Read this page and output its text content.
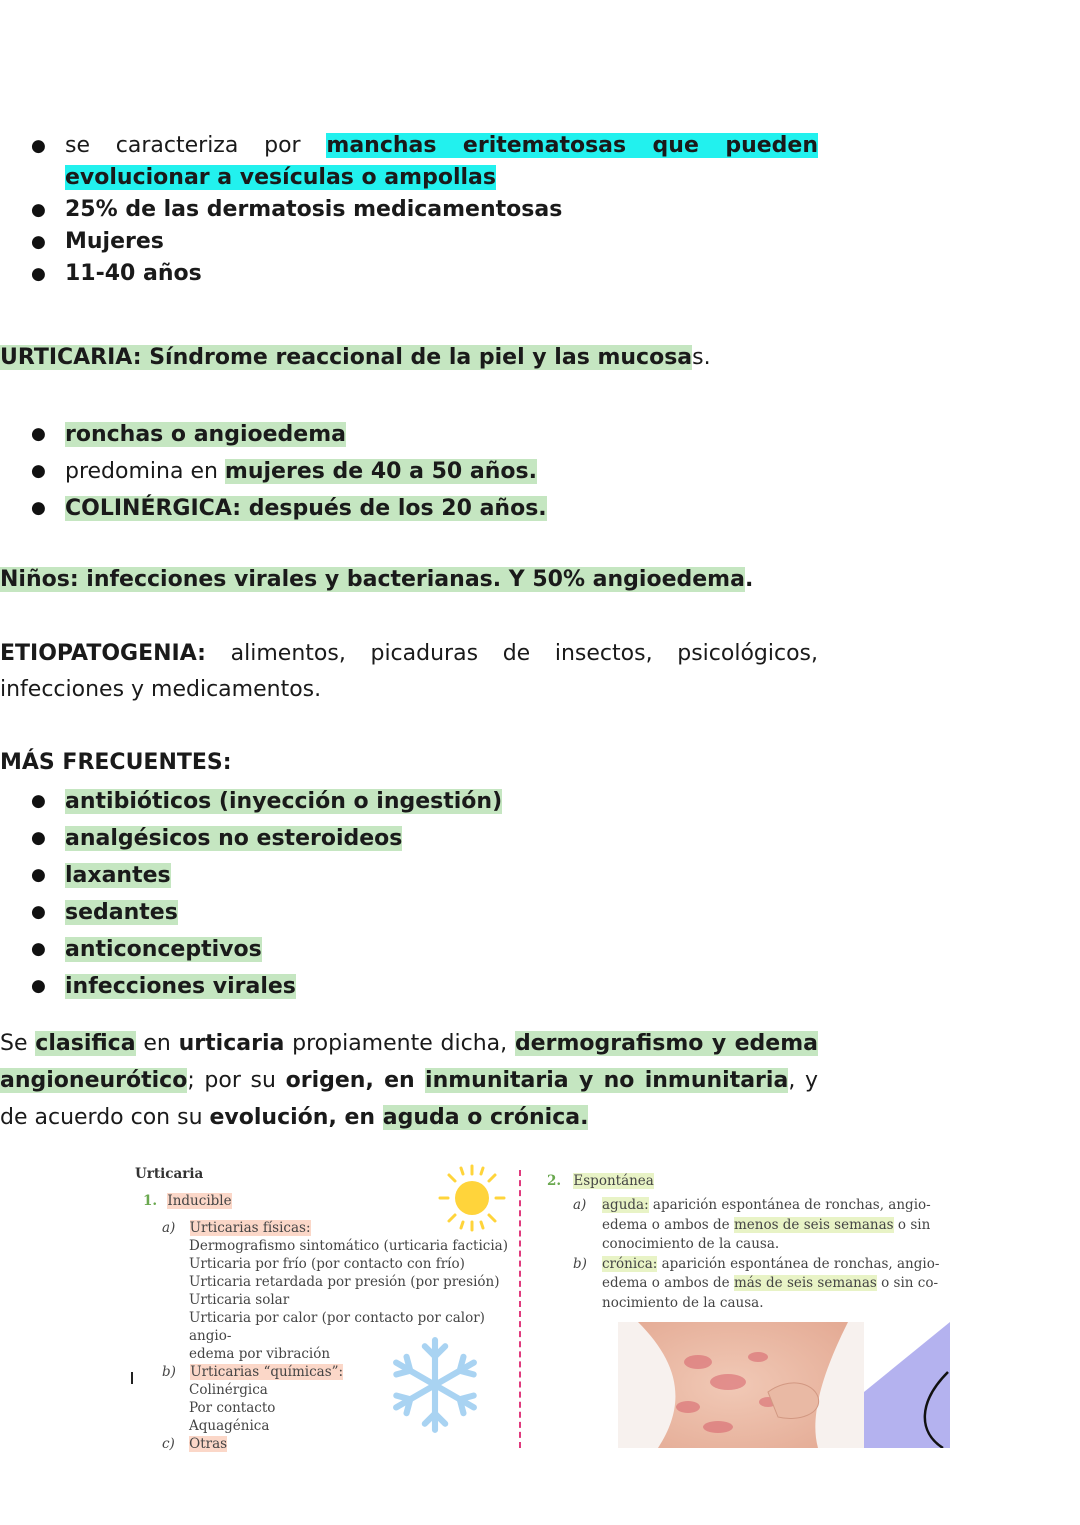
● se caracteriza por manchas eritematosas que pueden evolucionar a vesículas o ampollas
● 25% de las dermatosis medicamentosas
● Mujeres
● 11-40 años
URTICARIA: Síndrome reaccional de la piel y las mucosas.
● ronchas o angioedema
● predomina en mujeres de 40 a 50 años.
● COLINÉRGICA: después de los 20 años.
Niños: infecciones virales y bacterianas. Y 50% angioedema.
ETIOPATOGENIA: alimentos, picaduras de insectos, psicológicos, infecciones y medicamentos.
MÁS FRECUENTES:
● antibióticos (inyección o ingestión)
● analgésicos no esteroideos
● laxantes
● sedantes
● anticonceptivos
● infecciones virales
Se clasifica en urticaria propiamente dicha, dermografismo y edema angioneurótico; por su origen, en inmunitaria y no inmunitaria, y de acuerdo con su evolución, en aguda o crónica.
Urticaria
1. Inducible
a) Urticarias físicas:
Dermografismo sintomático (urticaria facticia)
Urticaria por frío (por contacto con frío)
Urticaria retardada por presión (por presión)
Urticaria solar
Urticaria por calor (por contacto por calor) angio-
edema por vibración
b) Urticarias “químicas”:
Colinérgica
Por contacto
Aquagénica
c) Otras
2. Espontánea
a) aguda: aparición espontánea de ronchas, angio-
edema o ambos de menos de seis semanas o sin
conocimiento de la causa.
b) crónica: aparición espontánea de ronchas, angio-
edema o ambos de más de seis semanas o sin co-
nocimiento de la causa.
